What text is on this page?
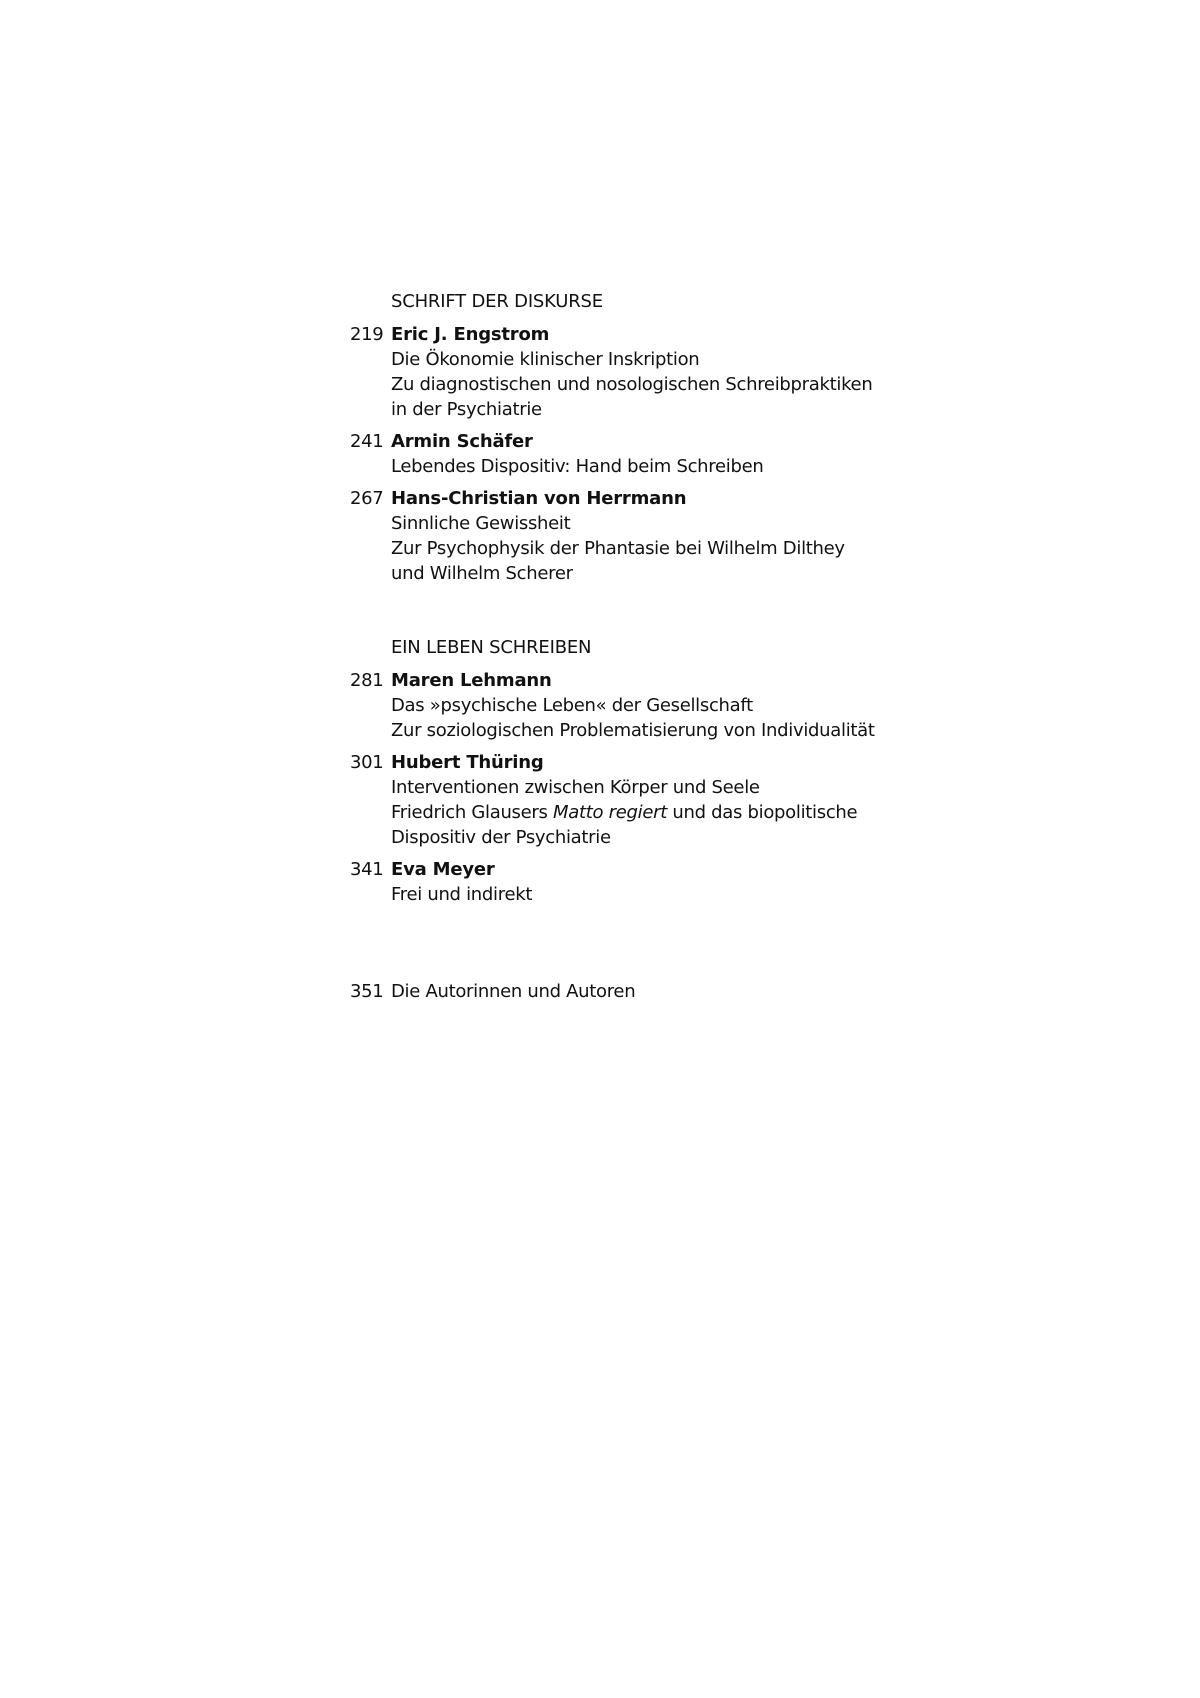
SCHRIFT DER DISKURSE
219 Eric J. Engstrom
Die Ökonomie klinischer Inskription
Zu diagnostischen und nosologischen Schreibpraktiken
in der Psychiatrie
241 Armin Schäfer
Lebendes Dispositiv: Hand beim Schreiben
267 Hans-Christian von Herrmann
Sinnliche Gewissheit
Zur Psychophysik der Phantasie bei Wilhelm Dilthey
und Wilhelm Scherer
EIN LEBEN SCHREIBEN
281 Maren Lehmann
Das »psychische Leben« der Gesellschaft
Zur soziologischen Problematisierung von Individualität
301 Hubert Thüring
Interventionen zwischen Körper und Seele
Friedrich Glausers Matto regiert und das biopolitische
Dispositiv der Psychiatrie
341 Eva Meyer
Frei und indirekt
351 Die Autorinnen und Autoren
